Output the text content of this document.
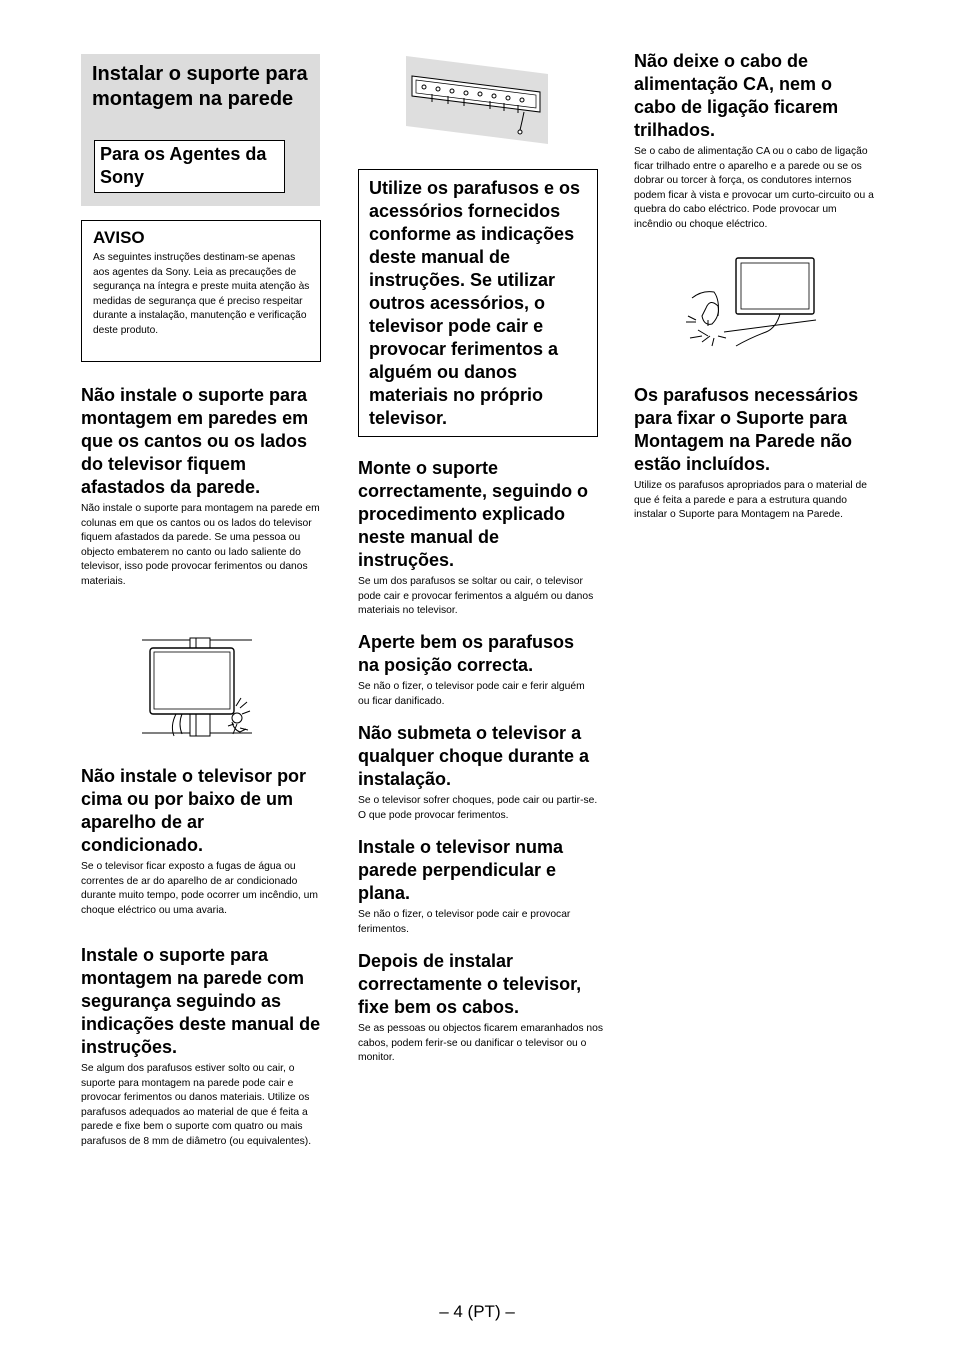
Instalar o suporte para montagem na parede
Para os Agentes da Sony
AVISO

As seguintes instruções destinam-se apenas aos agentes da Sony. Leia as precauções de segurança na íntegra e preste muita atenção às medidas de segurança que é preciso respeitar durante a instalação, manutenção e verificação deste produto.

Não instale o suporte para montagem em paredes em que os cantos ou os lados do televisor fiquem afastados da parede.

Não instale o suporte para montagem na parede em colunas em que os cantos ou os lados do televisor fiquem afastados da parede. Se uma pessoa ou objecto embaterem no canto ou lado saliente do televisor, isso pode provocar ferimentos ou danos materiais.

Não instale o televisor por cima ou por baixo de um aparelho de ar condicionado.

Se o televisor ficar exposto a fugas de água ou correntes de ar do aparelho de ar condicionado durante muito tempo, pode ocorrer um incêndio, um choque eléctrico ou uma avaria.

Instale o suporte para montagem na parede com segurança seguindo as indicações deste manual de instruções.

Se algum dos parafusos estiver solto ou cair, o suporte para montagem na parede pode cair e provocar ferimentos ou danos materiais. Utilize os parafusos adequados ao material de que é feita a parede e fixe bem o suporte com quatro ou mais parafusos de 8 mm de diâmetro (ou equivalentes).

Utilize os parafusos e os acessórios fornecidos conforme as indicações deste manual de instruções. Se utilizar outros acessórios, o televisor pode cair e provocar ferimentos a alguém ou danos materiais no próprio televisor.

Monte o suporte correctamente, seguindo o procedimento explicado neste manual de instruções.

Se um dos parafusos se soltar ou cair, o televisor pode cair e provocar ferimentos a alguém ou danos materiais no televisor.

Aperte bem os parafusos na posição correcta.

Se não o fizer, o televisor pode cair e ferir alguém ou ficar danificado.

Não submeta o televisor a qualquer choque durante a instalação.

Se o televisor sofrer choques, pode cair ou partir-se. O que pode provocar ferimentos.

Instale o televisor numa parede perpendicular e plana.

Se não o fizer, o televisor pode cair e provocar ferimentos.

Depois de instalar correctamente o televisor, fixe bem os cabos.

Se as pessoas ou objectos ficarem emaranhados nos cabos, podem ferir-se ou danificar o televisor ou o monitor.

Não deixe o cabo de alimentação CA, nem o cabo de ligação ficarem trilhados.

Se o cabo de alimentação CA ou o cabo de ligação ficar trilhado entre o aparelho e a parede ou se os dobrar ou torcer à força, os condutores internos podem ficar à vista e provocar um curto-circuito ou a quebra do cabo eléctrico. Pode provocar um incêndio ou choque eléctrico.

Os parafusos necessários para fixar o Suporte para Montagem na Parede não estão incluídos.

Utilize os parafusos apropriados para o material de que é feita a parede e para a estrutura quando instalar o Suporte para Montagem na Parede.

– 4 (PT) –
